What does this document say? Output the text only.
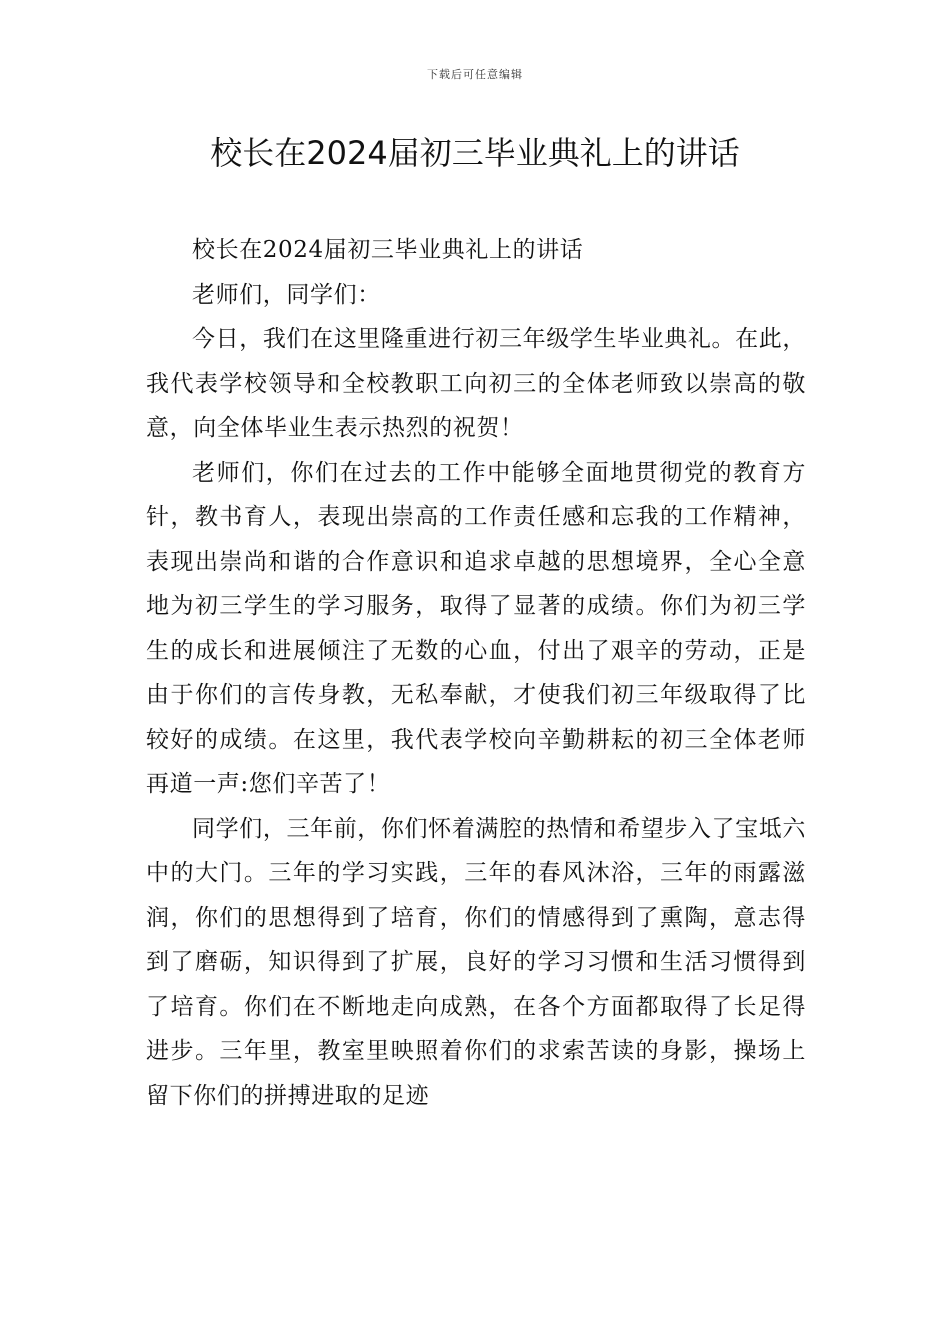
下载后可任意编辑
校长在2024届初三毕业典礼上的讲话

校长在2024届初三毕业典礼上的讲话

老师们，同学们：

今日，我们在这里隆重进行初三年级学生毕业典礼。在此，我代表学校领导和全校教职工向初三的全体老师致以崇高的敬意，向全体毕业生表示热烈的祝贺！

老师们，你们在过去的工作中能够全面地贯彻党的教育方针，教书育人，表现出崇高的工作责任感和忘我的工作精神，表现出崇尚和谐的合作意识和追求卓越的思想境界，全心全意地为初三学生的学习服务，取得了显著的成绩。你们为初三学生的成长和进展倾注了无数的心血，付出了艰辛的劳动，正是由于你们的言传身教，无私奉献，才使我们初三年级取得了比较好的成绩。在这里，我代表学校向辛勤耕耘的初三全体老师再道一声:您们辛苦了！

同学们，三年前，你们怀着满腔的热情和希望步入了宝坻六中的大门。三年的学习实践，三年的春风沐浴，三年的雨露滋润，你们的思想得到了培育，你们的情感得到了熏陶，意志得到了磨砺，知识得到了扩展，良好的学习习惯和生活习惯得到了培育。你们在不断地走向成熟，在各个方面都取得了长足得进步。三年里，教室里映照着你们的求索苦读的身影，操场上留下你们的拼搏进取的足迹
